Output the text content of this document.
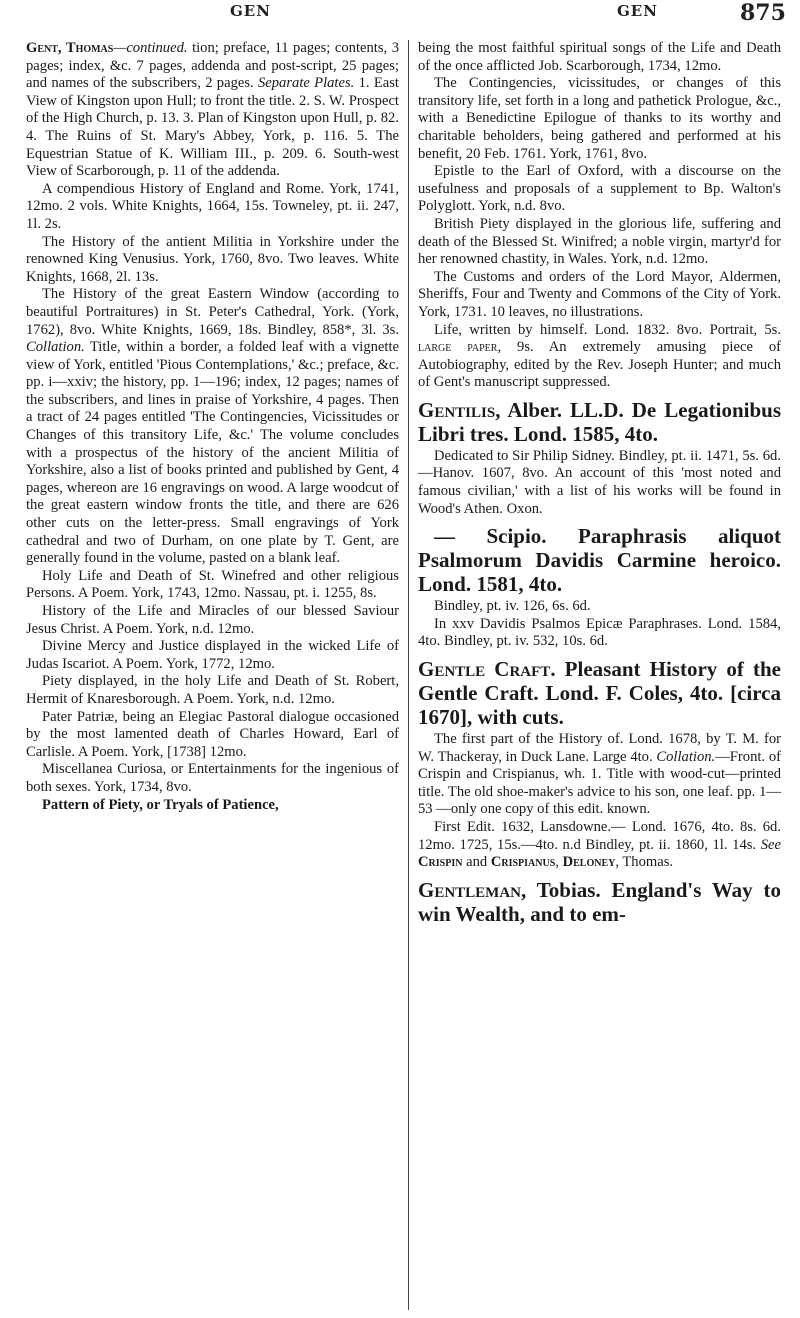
GEN	GEN	875

Gent, Thomas—continued. tion; preface, 11 pages; contents, 3 pages; index, &c. 7 pages, addenda and post-script, 25 pages; and names of the subscribers, 2 pages. Separate Plates. 1. East View of Kingston upon Hull; to front the title. 2. S. W. Prospect of the High Church, p. 13. 3. Plan of Kingston upon Hull, p. 82. 4. The Ruins of St. Mary's Abbey, York, p. 116. 5. The Equestrian Statue of K. William III., p. 209. 6. South-west View of Scarborough, p. 11 of the addenda.

A compendious History of England and Rome. York, 1741, 12mo. 2 vols. White Knights, 1664, 15s. Towneley, pt. ii. 247, 1l. 2s.

The History of the antient Militia in Yorkshire under the renowned King Venusius. York, 1760, 8vo. Two leaves. White Knights, 1668, 2l. 13s.

The History of the great Eastern Window (according to beautiful Portraitures) in St. Peter's Cathedral, York. (York, 1762), 8vo. White Knights, 1669, 18s. Bindley, 858*, 3l. 3s. Collation. Title, within a border, a folded leaf with a vignette view of York, entitled 'Pious Contemplations,' &c.; preface, &c. pp. i—xxiv; the history, pp. 1—196; index, 12 pages; names of the subscribers, and lines in praise of Yorkshire, 4 pages. Then a tract of 24 pages entitled 'The Contingencies, Vicissitudes or Changes of this transitory Life, &c.' The volume concludes with a prospectus of the history of the ancient Militia of Yorkshire, also a list of books printed and published by Gent, 4 pages, whereon are 16 engravings on wood. A large woodcut of the great eastern window fronts the title, and there are 626 other cuts on the letter-press. Small engravings of York cathedral and two of Durham, on one plate by T. Gent, are generally found in the volume, pasted on a blank leaf.

Holy Life and Death of St. Winefred and other religious Persons. A Poem. York, 1743, 12mo. Nassau, pt. i. 1255, 8s.

History of the Life and Miracles of our blessed Saviour Jesus Christ. A Poem. York, n.d. 12mo.

Divine Mercy and Justice displayed in the wicked Life of Judas Iscariot. A Poem. York, 1772, 12mo.

Piety displayed, in the holy Life and Death of St. Robert, Hermit of Knaresborough. A Poem. York, n.d. 12mo.

Pater Patriæ, being an Elegiac Pastoral dialogue occasioned by the most lamented death of Charles Howard, Earl of Carlisle. A Poem. York, [1738] 12mo.

Miscellanea Curiosa, or Entertainments for the ingenious of both sexes. York, 1734, 8vo.

Pattern of Piety, or Tryals of Patience,

being the most faithful spiritual songs of the Life and Death of the once afflicted Job. Scarborough, 1734, 12mo.

The Contingencies, vicissitudes, or changes of this transitory life, set forth in a long and pathetick Prologue, &c., with a Benedictine Epilogue of thanks to its worthy and charitable beholders, being gathered and performed at his benefit, 20 Feb. 1761. York, 1761, 8vo.

Epistle to the Earl of Oxford, with a discourse on the usefulness and proposals of a supplement to Bp. Walton's Polyglott. York, n.d. 8vo.

British Piety displayed in the glorious life, suffering and death of the Blessed St. Winifred; a noble virgin, martyr'd for her renowned chastity, in Wales. York, n.d. 12mo.

The Customs and orders of the Lord Mayor, Aldermen, Sheriffs, Four and Twenty and Commons of the City of York. York, 1731. 10 leaves, no illustrations.

Life, written by himself. Lond. 1832. 8vo. Portrait, 5s. large paper, 9s. An extremely amusing piece of Autobiography, edited by the Rev. Joseph Hunter; and much of Gent's manuscript suppressed.

Gentilis, Alber. LL.D. De Legationibus Libri tres. Lond. 1585, 4to.

Dedicated to Sir Philip Sidney. Bindley, pt. ii. 1471, 5s. 6d.—Hanov. 1607, 8vo. An account of this 'most noted and famous civilian,' with a list of his works will be found in Wood's Athen. Oxon.

— Scipio. Paraphrasis aliquot Psalmorum Davidis Carmine heroico. Lond. 1581, 4to.

Bindley, pt. iv. 126, 6s. 6d.

In xxv Davidis Psalmos Epicæ Paraphrases. Lond. 1584, 4to. Bindley, pt. iv. 532, 10s. 6d.

Gentle Craft. Pleasant History of the Gentle Craft. Lond. F. Coles, 4to. [circa 1670], with cuts.

The first part of the History of. Lond. 1678, by T. M. for W. Thackeray, in Duck Lane. Large 4to. Collation.—Front. of Crispin and Crispianus, wh. 1. Title with wood-cut—printed title. The old shoe-maker's advice to his son, one leaf. pp. 1—53 —only one copy of this edit. known.

First Edit. 1632, Lansdowne.— Lond. 1676, 4to. 8s. 6d. 12mo. 1725, 15s.—4to. n.d Bindley, pt. ii. 1860, 1l. 14s. See Crispin and Crispianus, Deloney, Thomas.

Gentleman, Tobias. England's Way to win Wealth, and to em-
